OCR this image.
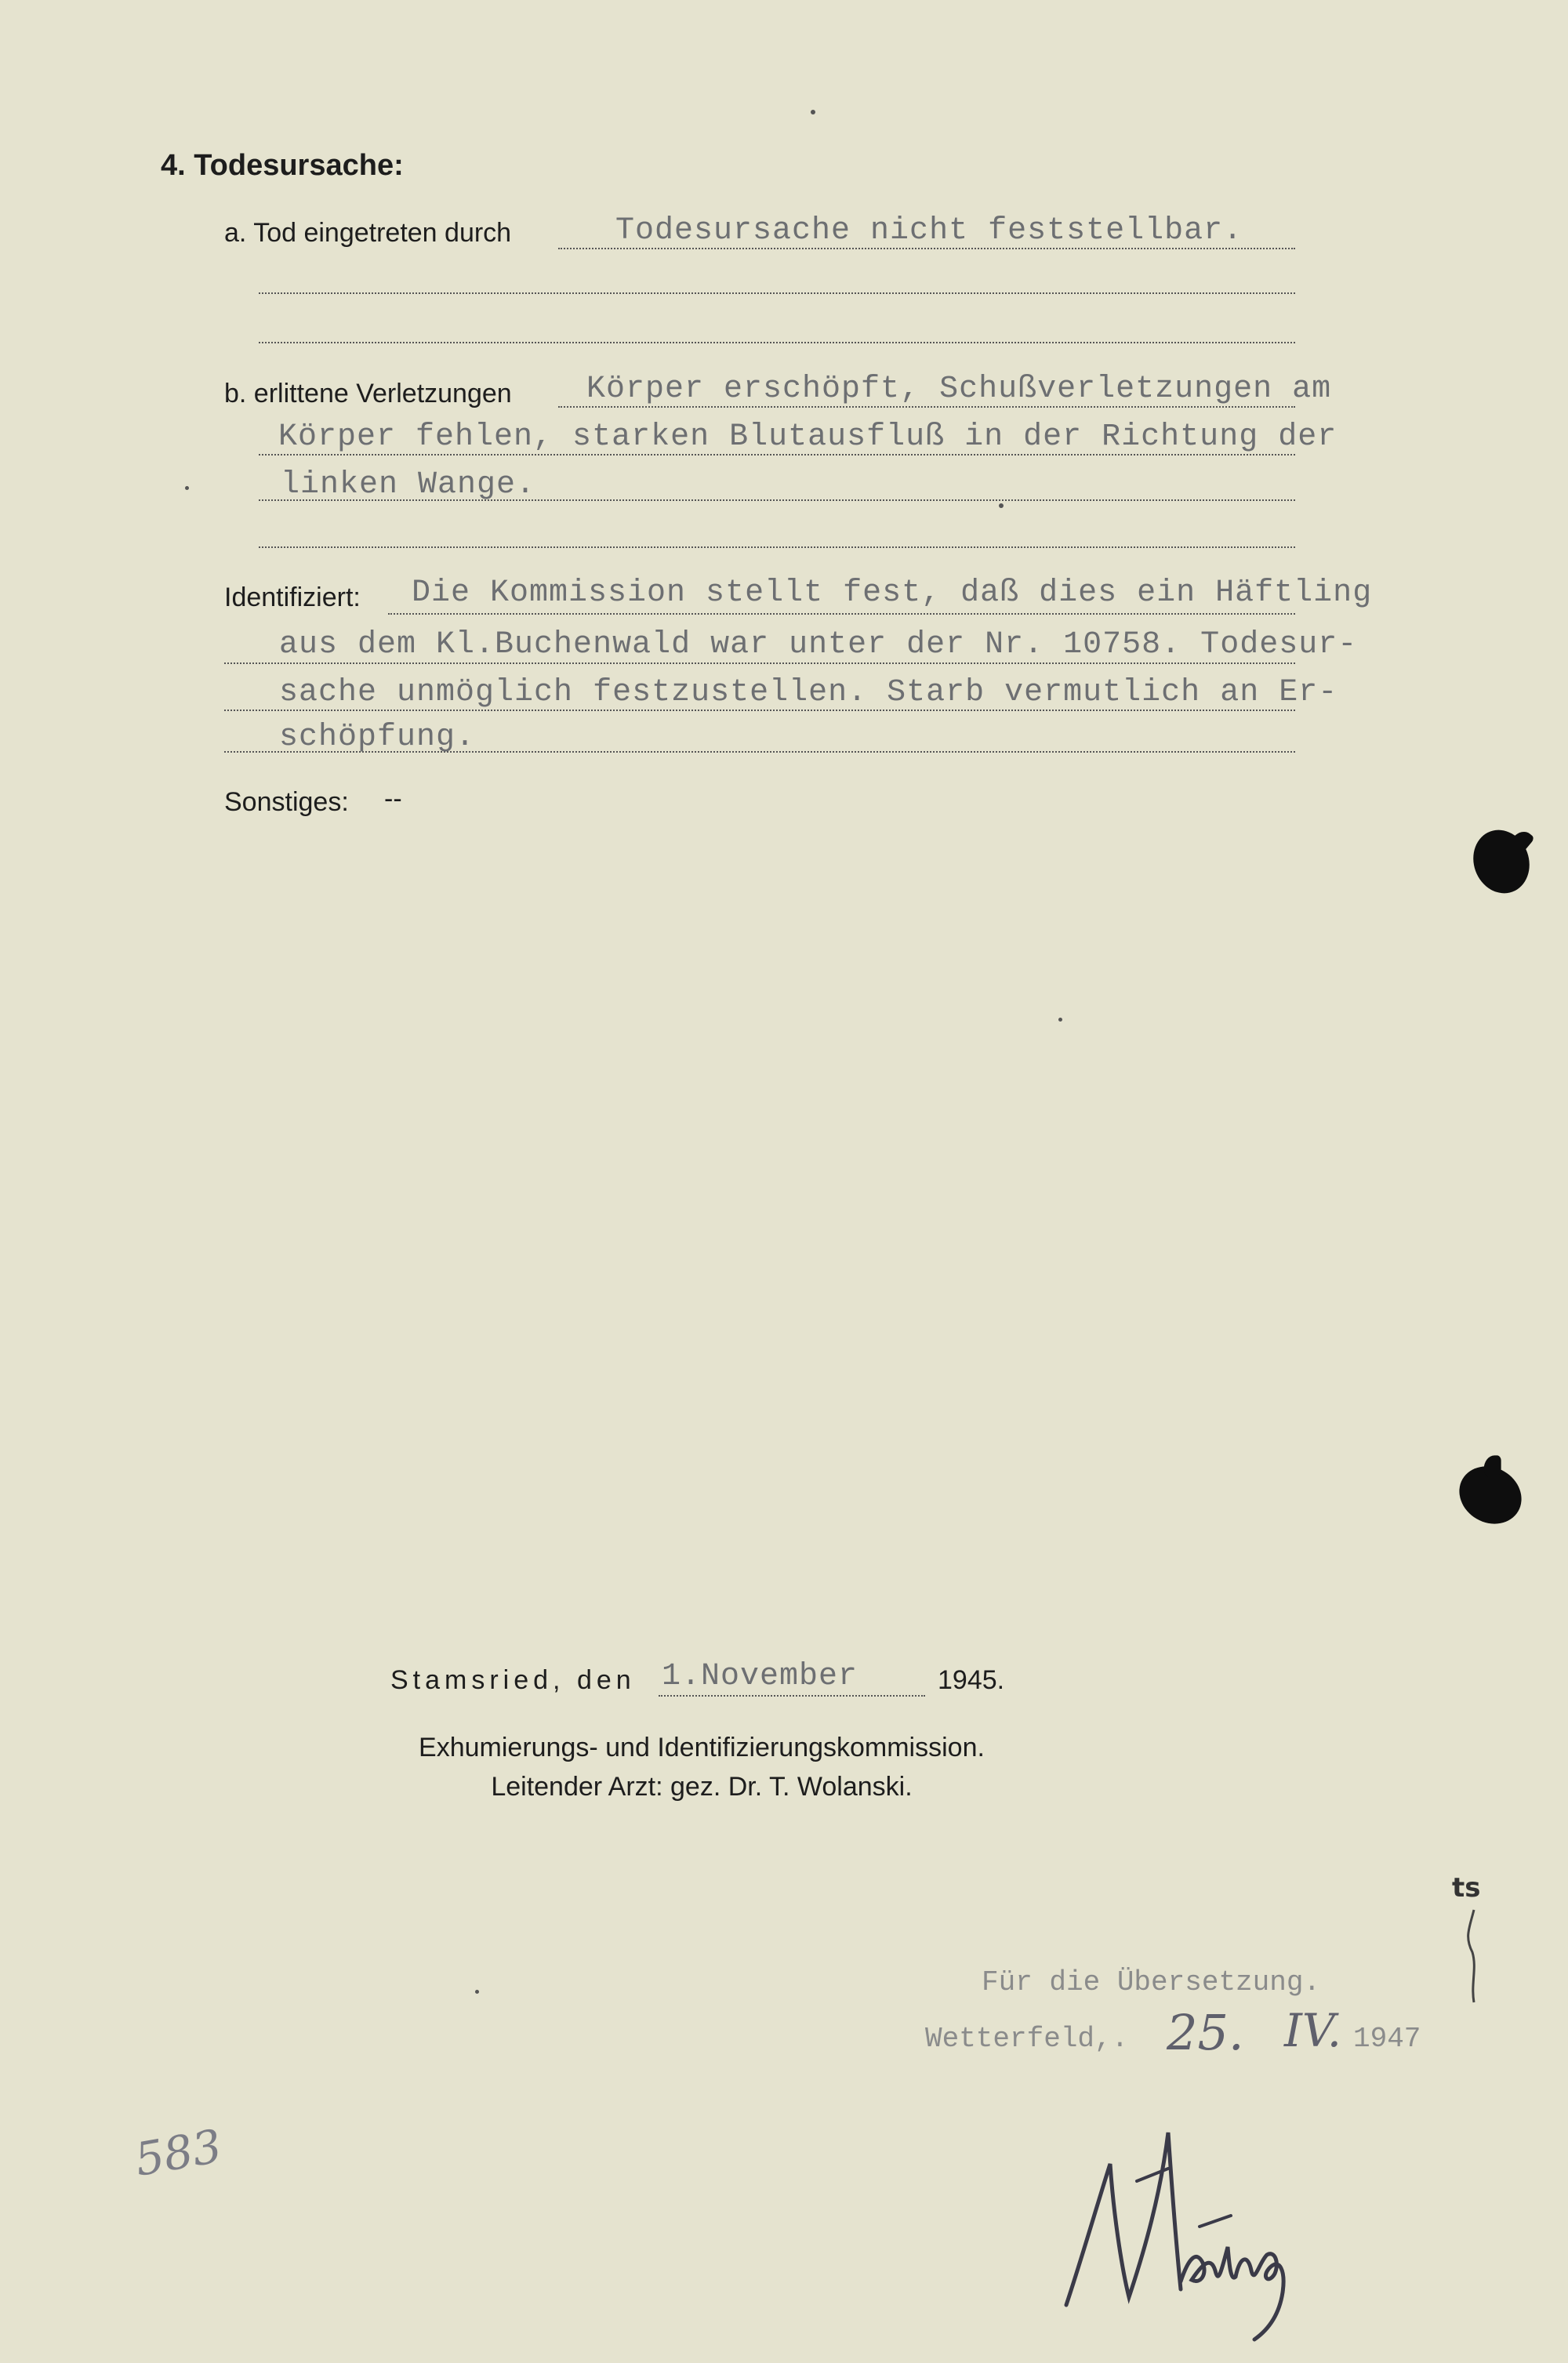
4. Todesursache:
a. Tod eingetreten durch	Todesursache nicht feststellbar.
b. erlittene Verletzungen Körper erschöpft, Schußverletzungen am
Körper fehlen, starken Blutausfluß in der Richtung der
linken Wange.
Identifiziert: Die Kommission stellt fest, daß dies ein Häftling
aus dem Kl.Buchenwald war unter der Nr. 10758. Todesur-
sache unmöglich festzustellen. Starb vermutlich an Er-
schöpfung.
Sonstiges: --
Stamsried, den 1.November	1945.
Exhumierungs- und Identifizierungskommission.
Leitender Arzt: gez. Dr. T. Wolanski.
Für die Übersetzung.
Wetterfeld,. 25. IV. 1947
583
ts
